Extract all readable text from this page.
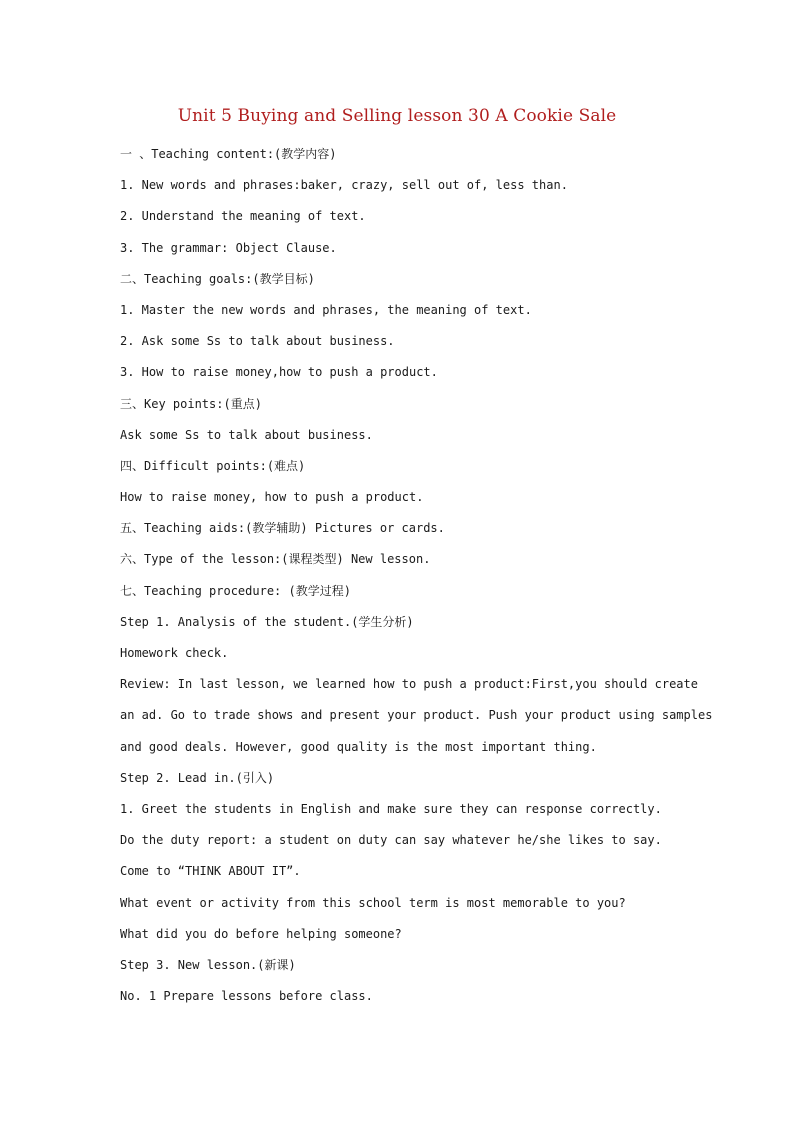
Unit 5 Buying and Selling lesson 30 A Cookie Sale
一 、Teaching content:(教学内容)
1. New words and phrases:baker, crazy, sell out of, less than.
2. Understand the meaning of text.
3. The grammar: Object Clause.
二、Teaching goals:(教学目标)
1. Master the new words and phrases, the meaning of text.
2. Ask some Ss to talk about business.
3. How to raise money,how to push a product.
三、Key points:(重点)
Ask some Ss to talk about business.
四、Difficult points:(难点)
How to raise money, how to push a product.
五、Teaching aids:(教学辅助) Pictures or cards.
六、Type of the lesson:(课程类型) New lesson.
七、Teaching procedure: (教学过程)
Step 1. Analysis of the student.(学生分析)
Homework check.
Review: In last lesson, we learned how to push a product:First,you should create
an ad. Go to trade shows and present your product. Push your product using samples
and good deals. However, good quality is the most important thing.
Step 2. Lead in.(引入)
1. Greet the students in English and make sure they can response correctly.
Do the duty report: a student on duty can say whatever he/she likes to say.
Come to “THINK ABOUT IT”.
What event or activity from this school term is most memorable to you?
What did you do before helping someone?
Step 3. New lesson.(新课)
No. 1 Prepare lessons before class.
